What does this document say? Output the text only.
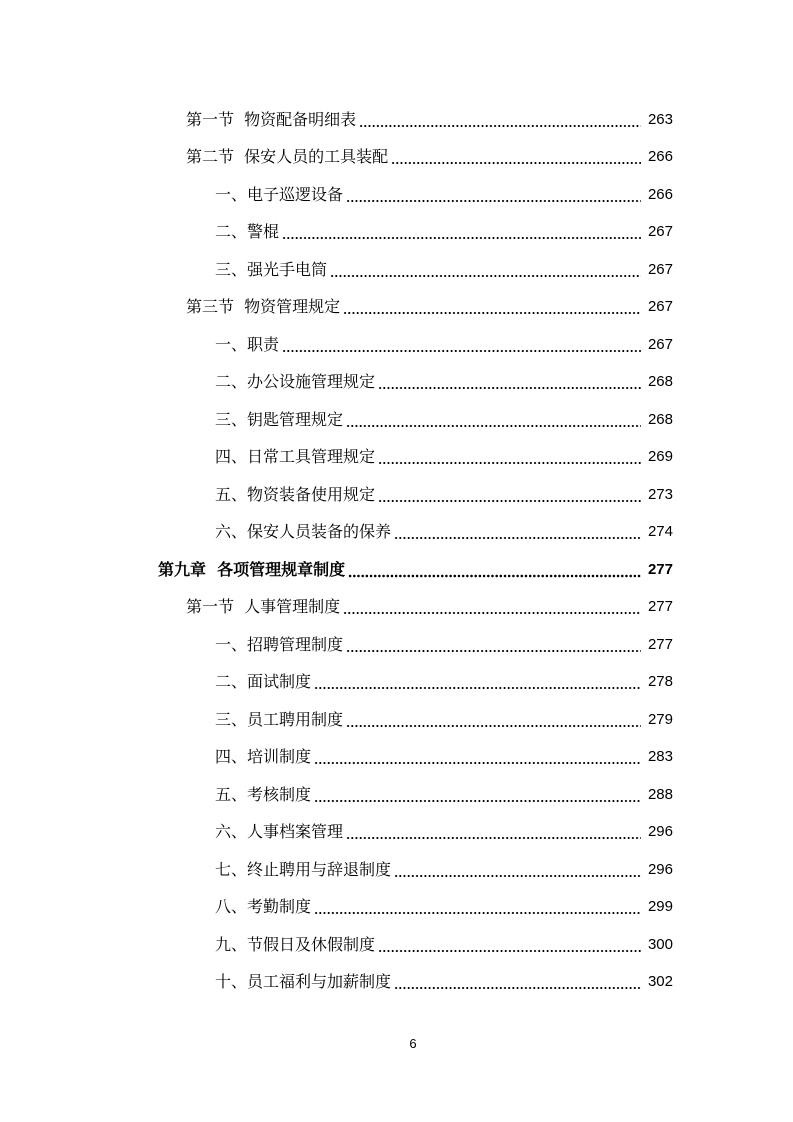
第一节  物资配备明细表	263
第二节  保安人员的工具装配	266
一、电子巡逻设备	266
二、警棍	267
三、强光手电筒	267
第三节  物资管理规定	267
一、职责	267
二、办公设施管理规定	268
三、钥匙管理规定	268
四、日常工具管理规定	269
五、物资装备使用规定	273
六、保安人员装备的保养	274
第九章  各项管理规章制度	277
第一节  人事管理制度	277
一、招聘管理制度	277
二、面试制度	278
三、员工聘用制度	279
四、培训制度	283
五、考核制度	288
六、人事档案管理	296
七、终止聘用与辞退制度	296
八、考勤制度	299
九、节假日及休假制度	300
十、员工福利与加薪制度	302
6
